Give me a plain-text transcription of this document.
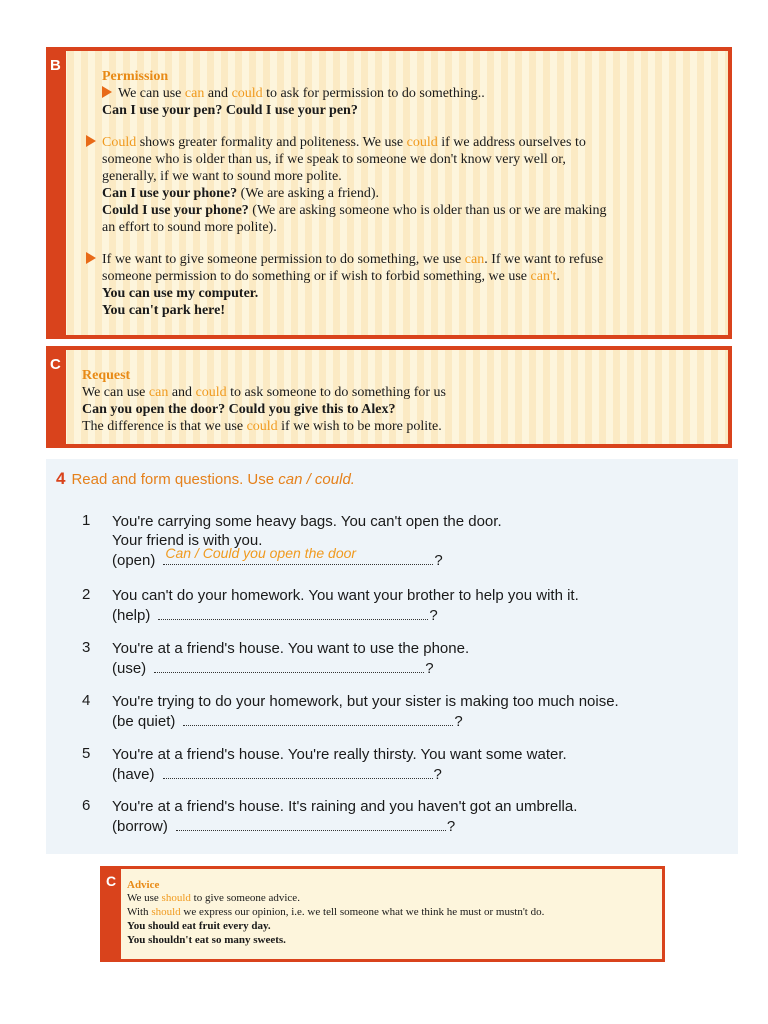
B
Permission
We can use can and could to ask for permission to do something..
Can I use your pen? Could I use your pen?
Could shows greater formality and politeness. We use could if we address ourselves to
someone who is older than us, if we speak to someone we don't know very well or,
generally, if we want to sound more polite.
Can I use your phone? (We are asking a friend).
Could I use your phone? (We are asking someone who is older than us or we are making
an effort to sound more polite).
If we want to give someone permission to do something, we use can. If we want to refuse
someone permission to do something or if wish to forbid something, we use can't.
You can use my computer.
You can't park here!
C
Request
We can use can and could to ask someone to do something for us
Can you open the door? Could you give this to Alex?
The difference is that we use could if we wish to be more polite.
4 Read and form questions. Use can / could.
1	You're carrying some heavy bags. You can't open the door.
Your friend is with you.
(open) Can / Could you open the door	?
2	You can't do your homework. You want your brother to help you with it.
(help)	?
3	You're at a friend's house. You want to use the phone.
(use)	?
4	You're trying to do your homework, but your sister is making too much noise.
(be quiet)	?
5	You're at a friend's house. You're really thirsty. You want some water.
(have)	?
6	You're at a friend's house. It's raining and you haven't got an umbrella.
(borrow)	?
C Advice
We use should to give someone advice.
With should we express our opinion, i.e. we tell someone what we think he must or mustn't do.
You should eat fruit every day.
You shouldn't eat so many sweets.
